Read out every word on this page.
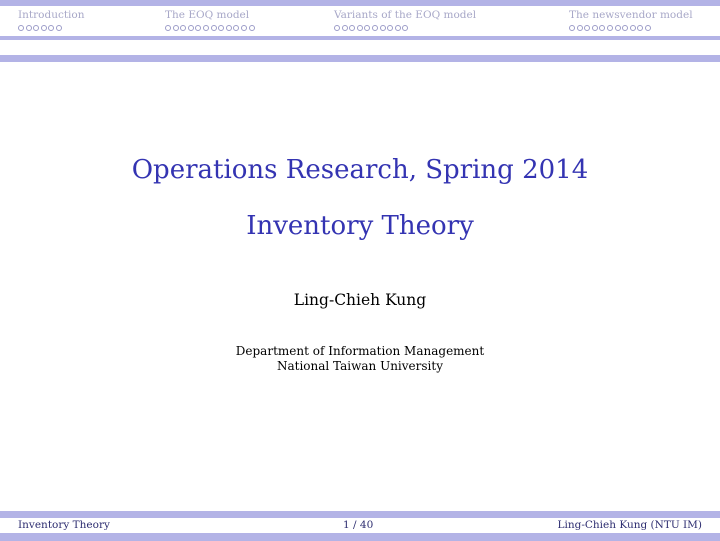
Introduction	The EOQ model	Variants of the EOQ model	The newsvendor model
Operations Research, Spring 2014
Inventory Theory
Ling-Chieh Kung
Department of Information Management
National Taiwan University
Inventory Theory	1 / 40	Ling-Chieh Kung (NTU IM)
